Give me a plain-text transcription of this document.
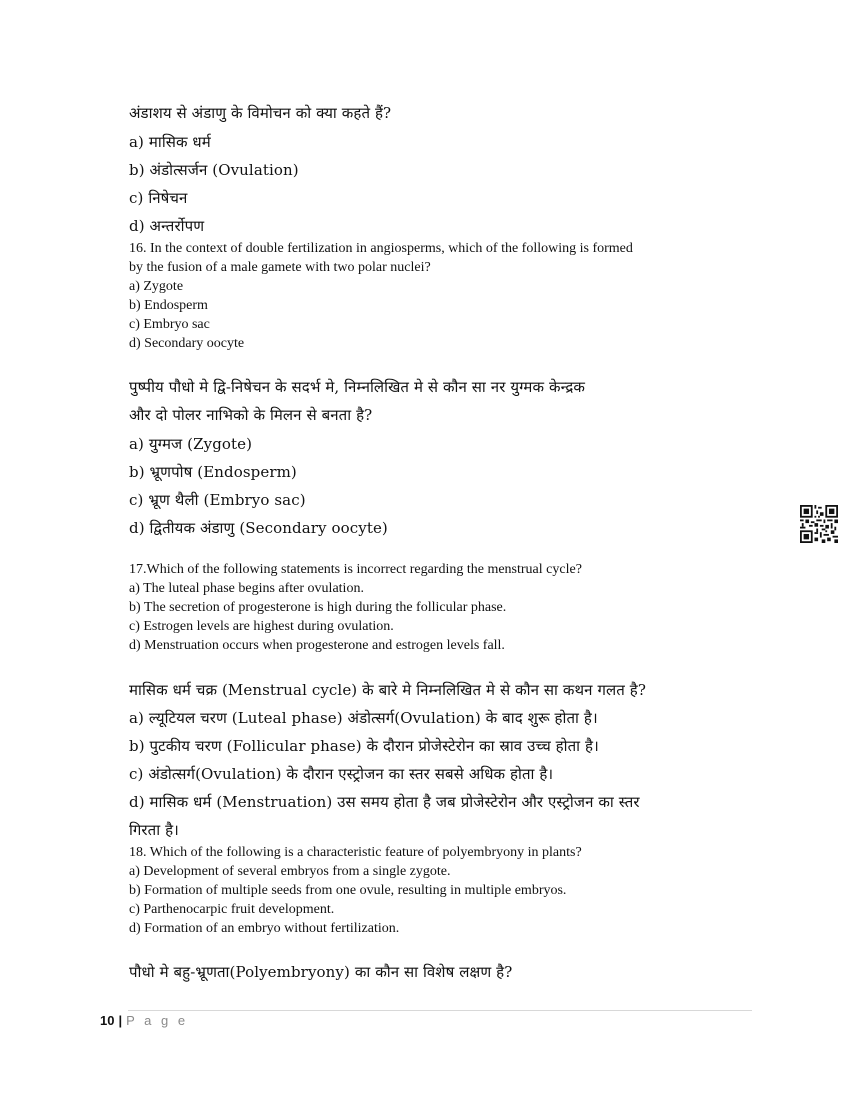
अंडाशय से अंडाणु के विमोचन को क्या कहते हैं?
a) मासिक धर्म
b) अंडोत्सर्जन (Ovulation)
c) निषेचन
d) अन्तर्रोपण
16. In the context of double fertilization in angiosperms, which of the following is formed
by the fusion of a male gamete with two polar nuclei?
a) Zygote
b) Endosperm
c) Embryo sac
d) Secondary oocyte
पुष्पीय पौधो मे द्वि-निषेचन के सदर्भ मे, निम्नलिखित मे से कौन सा नर युग्मक केन्द्रक
और दो पोलर नाभिको के मिलन से बनता है?
a) युग्मज (Zygote)
b) भ्रूणपोष (Endosperm)
c) भ्रूण थैली (Embryo sac)
d) द्वितीयक अंडाणु (Secondary oocyte)
17.Which of the following statements is incorrect regarding the menstrual cycle?
a) The luteal phase begins after ovulation.
b) The secretion of progesterone is high during the follicular phase.
c) Estrogen levels are highest during ovulation.
d) Menstruation occurs when progesterone and estrogen levels fall.
मासिक धर्म चक्र (Menstrual cycle) के बारे मे निम्नलिखित मे से कौन सा कथन गलत है?
a) ल्यूटियल चरण (Luteal phase) अंडोत्सर्ग(Ovulation) के बाद शुरू होता है।
b) पुटकीय चरण (Follicular phase) के दौरान प्रोजेस्टेरोन का स्राव उच्च होता है।
c) अंडोत्सर्ग(Ovulation) के दौरान एस्ट्रोजन का स्तर सबसे अधिक होता है।
d) मासिक धर्म (Menstruation) उस समय होता है जब प्रोजेस्टेरोन और एस्ट्रोजन का स्तर
गिरता है।
18. Which of the following is a characteristic feature of polyembryony in plants?
a) Development of several embryos from a single zygote.
b) Formation of multiple seeds from one ovule, resulting in multiple embryos.
c) Parthenocarpic fruit development.
d) Formation of an embryo without fertilization.
पौधो मे बहु-भ्रूणता(Polyembryony) का कौन सा विशेष लक्षण है?
10 | P a g e
